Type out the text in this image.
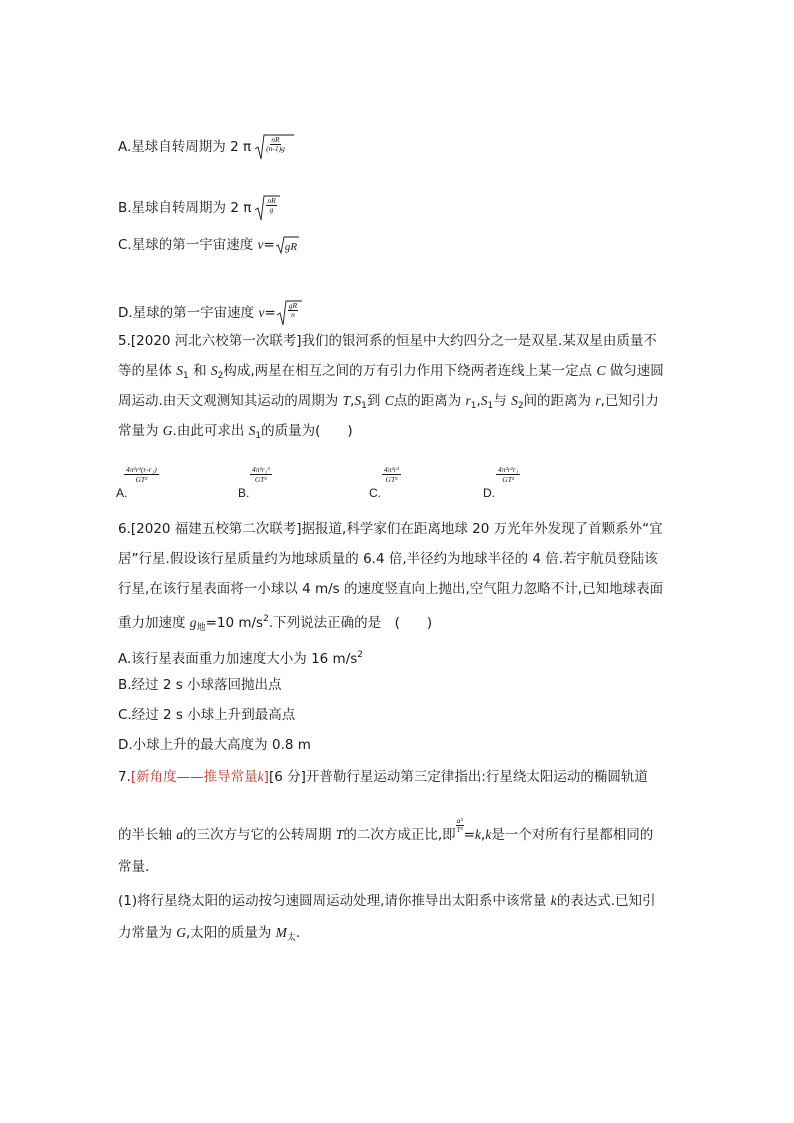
A.星球自转周期为 2 π $\frac{nR}{(n-1)g}$
B.星球自转周期为 2 π $\frac{nR}{g}$
C.星球的第一宇宙速度 v= gR
D.星球的第一宇宙速度 $v= \frac{gR}{n}$
5.[2020 河北六校第一次联考]我们的银河系的恒星中大约四分之一是双星.某双星由质量不
等的星体 $S_1$ 和 $S_2$构成,两星在相互之间的万有引力作用下绕两者连线上某一定点 C 做匀速圆
周运动.由天文观测知其运动的周期为 $T,S_1$到 C点的距离为 $r_1,S_1$与 $S_2$间的距离为 r,已知引力
常量为 G.由此可求出 $S_1$的质量为(　　)
$\frac{\text{4π²r²(r-r₁)}}{\text{GT²}}$
A.
$\frac{\text{4π²r₁³}}{\text{GT²}}$
B.
$\frac{\text{4π²r³}}{\text{GT²}}$
C.
$\frac{\text{4π²r²r₁}}{\text{GT²}}$
D.
6.[2020 福建五校第二次联考]据报道,科学家们在距离地球 20 万光年外发现了首颗系外“宜
居”行星.假设该行星质量约为地球质量的 6.4 倍,半径约为地球半径的 4 倍.若宇航员登陆该
行星,在该行星表面将一小球以 4 m/s 的速度竖直向上抛出,空气阻力忽略不计,已知地球表面
重力加速度 $g_地=10$ $m/s^2$.下列说法正确的是　(　　)
A.该行星表面重力加速度大小为 16 $m/s^2$
B.经过 2 s 小球落回抛出点
C.经过 2 s 小球上升到最高点
D.小球上升的最大高度为 0.8 m
7.[新角度——推导常量k][6 分]开普勒行星运动第三定律指出:行星绕太阳运动的椭圆轨道
的半长轴 a的三次方与它的公转周期 T的二次方成正比,即
$\frac{\text{a³}}{\text{T²}}$
=k,k是一个对所有行星都相同的
常量.
(1)将行星绕太阳的运动按匀速圆周运动处理,请你推导出太阳系中该常量 k的表达式.已知引
力常量为 G,太阳的质量为 $M_太$.
